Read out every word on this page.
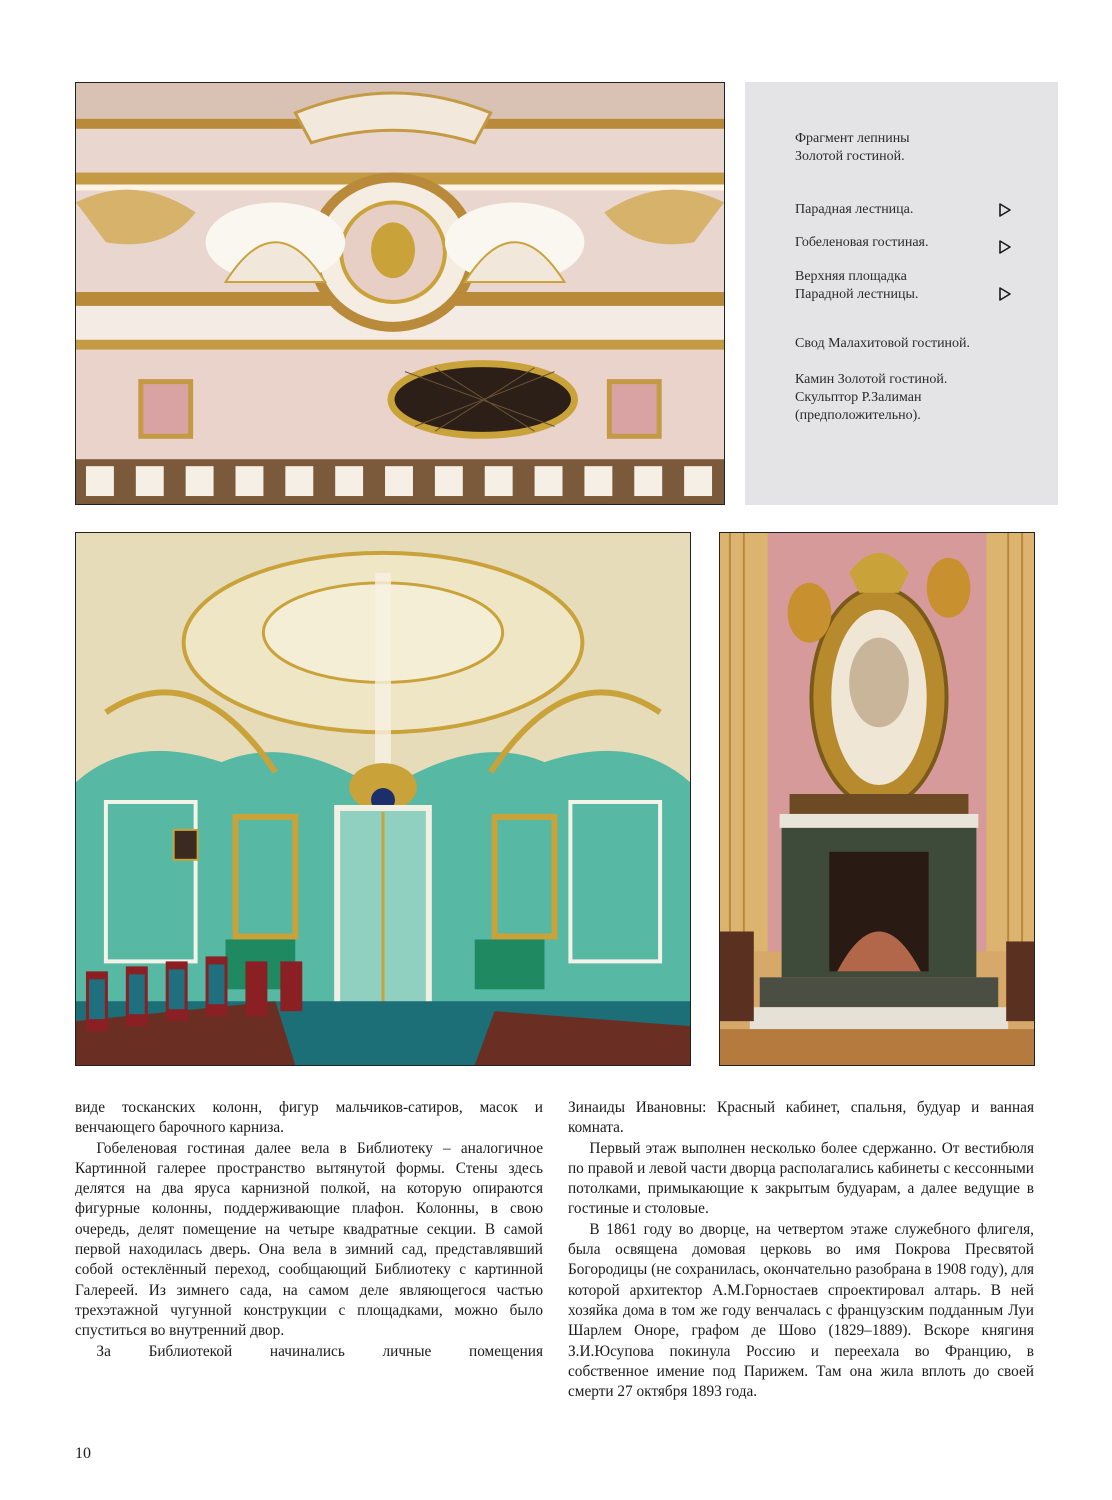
Фрагмент лепнины
Золотой гостиной.
Парадная лестница.
Гобеленовая гостиная.
Верхняя площадка
Парадной лестницы.
Свод Малахитовой гостиной.
Камин Золотой гостиной.
Скульптор Р.Залиман
(предположительно).

виде тосканских колонн, фигур мальчиков-сатиров, масок и венчающего барочного карниза.

Гобеленовая гостиная далее вела в Библиотеку – аналогичное Картинной галерее пространство вытянутой формы. Стены здесь делятся на два яруса карнизной полкой, на которую опираются фигурные колонны, поддерживающие плафон. Колонны, в свою очередь, делят помещение на четыре квадратные секции. В самой первой находилась дверь. Она вела в зимний сад, представлявший собой остеклённый переход, сообщающий Библиотеку с картинной Галереей. Из зимнего сада, на самом деле являющегося частью трехэтажной чугунной конструкции с площадками, можно было спуститься во внутренний двор.

За Библиотекой начинались личные помещения

Зинаиды Ивановны: Красный кабинет, спальня, будуар и ванная комната.

Первый этаж выполнен несколько более сдержанно. От вестибюля по правой и левой части дворца располагались кабинеты с кессонными потолками, примыкающие к закрытым будуарам, а далее ведущие в гостиные и столовые.

В 1861 году во дворце, на четвертом этаже служебного флигеля, была освящена домовая церковь во имя Покрова Пресвятой Богородицы (не сохранилась, окончательно разобрана в 1908 году), для которой архитектор А.М.Горностаев спроектировал алтарь. В ней хозяйка дома в том же году венчалась с французским подданным Луи Шарлем Оноре, графом де Шово (1829–1889). Вскоре княгиня З.И.Юсупова покинула Россию и переехала во Францию, в собственное имение под Парижем. Там она жила вплоть до своей смерти 27 октября 1893 года.

10
